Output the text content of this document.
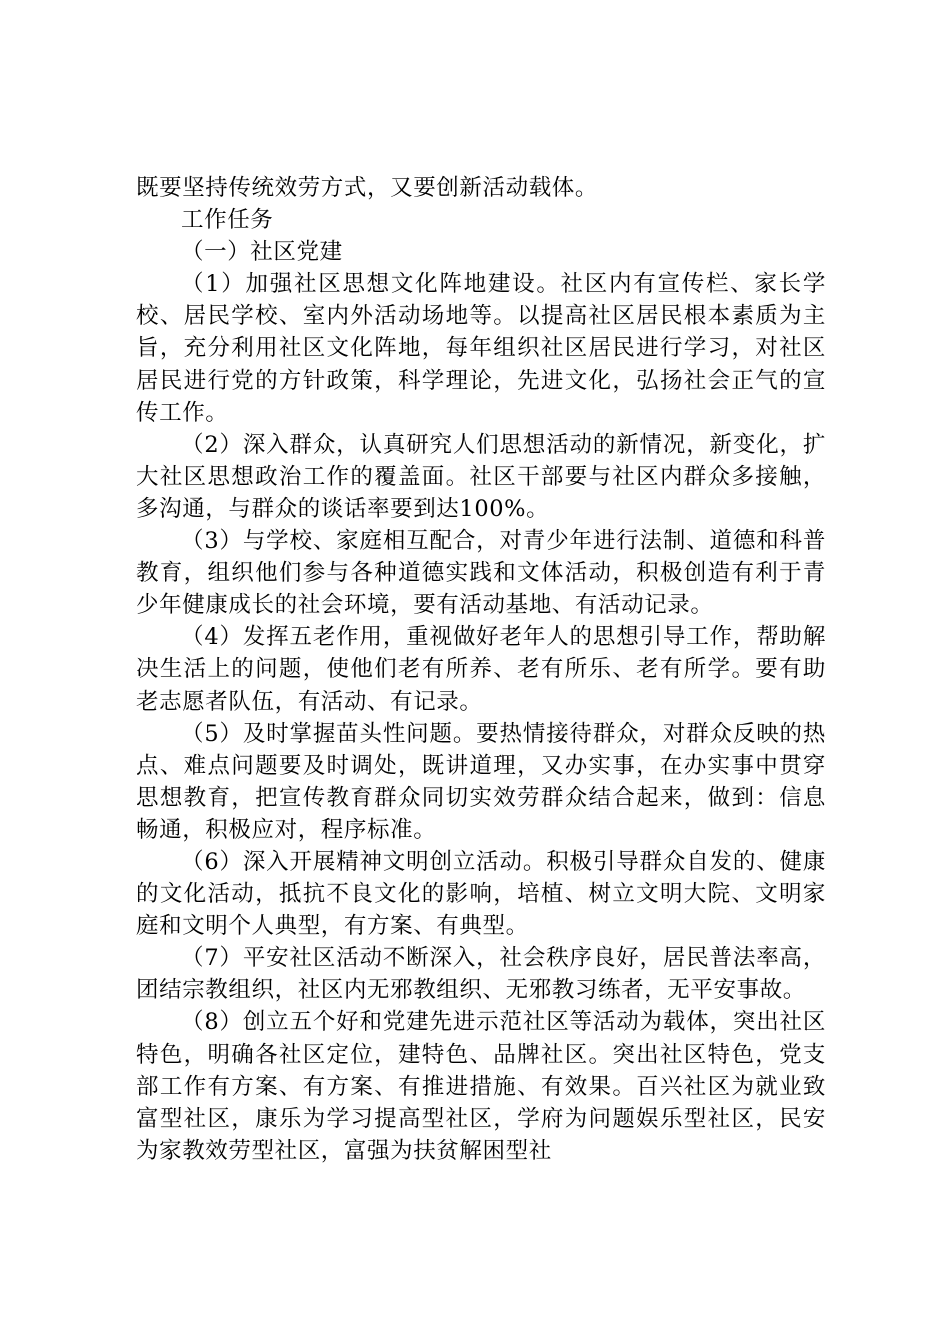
既要坚持传统效劳方式，又要创新活动载体。

工作任务

（一）社区党建

（1）加强社区思想文化阵地建设。社区内有宣传栏、家长学校、居民学校、室内外活动场地等。以提高社区居民根本素质为主旨，充分利用社区文化阵地，每年组织社区居民进行学习，对社区居民进行党的方针政策，科学理论，先进文化，弘扬社会正气的宣传工作。

（2）深入群众，认真研究人们思想活动的新情况，新变化，扩大社区思想政治工作的覆盖面。社区干部要与社区内群众多接触，多沟通，与群众的谈话率要到达100%。

（3）与学校、家庭相互配合，对青少年进行法制、道德和科普教育，组织他们参与各种道德实践和文体活动，积极创造有利于青少年健康成长的社会环境，要有活动基地、有活动记录。

（4）发挥五老作用，重视做好老年人的思想引导工作，帮助解决生活上的问题，使他们老有所养、老有所乐、老有所学。要有助老志愿者队伍，有活动、有记录。

（5）及时掌握苗头性问题。要热情接待群众，对群众反映的热点、难点问题要及时调处，既讲道理，又办实事，在办实事中贯穿思想教育，把宣传教育群众同切实效劳群众结合起来，做到：信息畅通，积极应对，程序标准。

（6）深入开展精神文明创立活动。积极引导群众自发的、健康的文化活动，抵抗不良文化的影响，培植、树立文明大院、文明家庭和文明个人典型，有方案、有典型。

（7）平安社区活动不断深入，社会秩序良好，居民普法率高，团结宗教组织，社区内无邪教组织、无邪教习练者，无平安事故。

（8）创立五个好和党建先进示范社区等活动为载体，突出社区特色，明确各社区定位，建特色、品牌社区。突出社区特色，党支部工作有方案、有方案、有推进措施、有效果。百兴社区为就业致富型社区，康乐为学习提高型社区，学府为问题娱乐型社区，民安为家教效劳型社区，富强为扶贫解困型社
